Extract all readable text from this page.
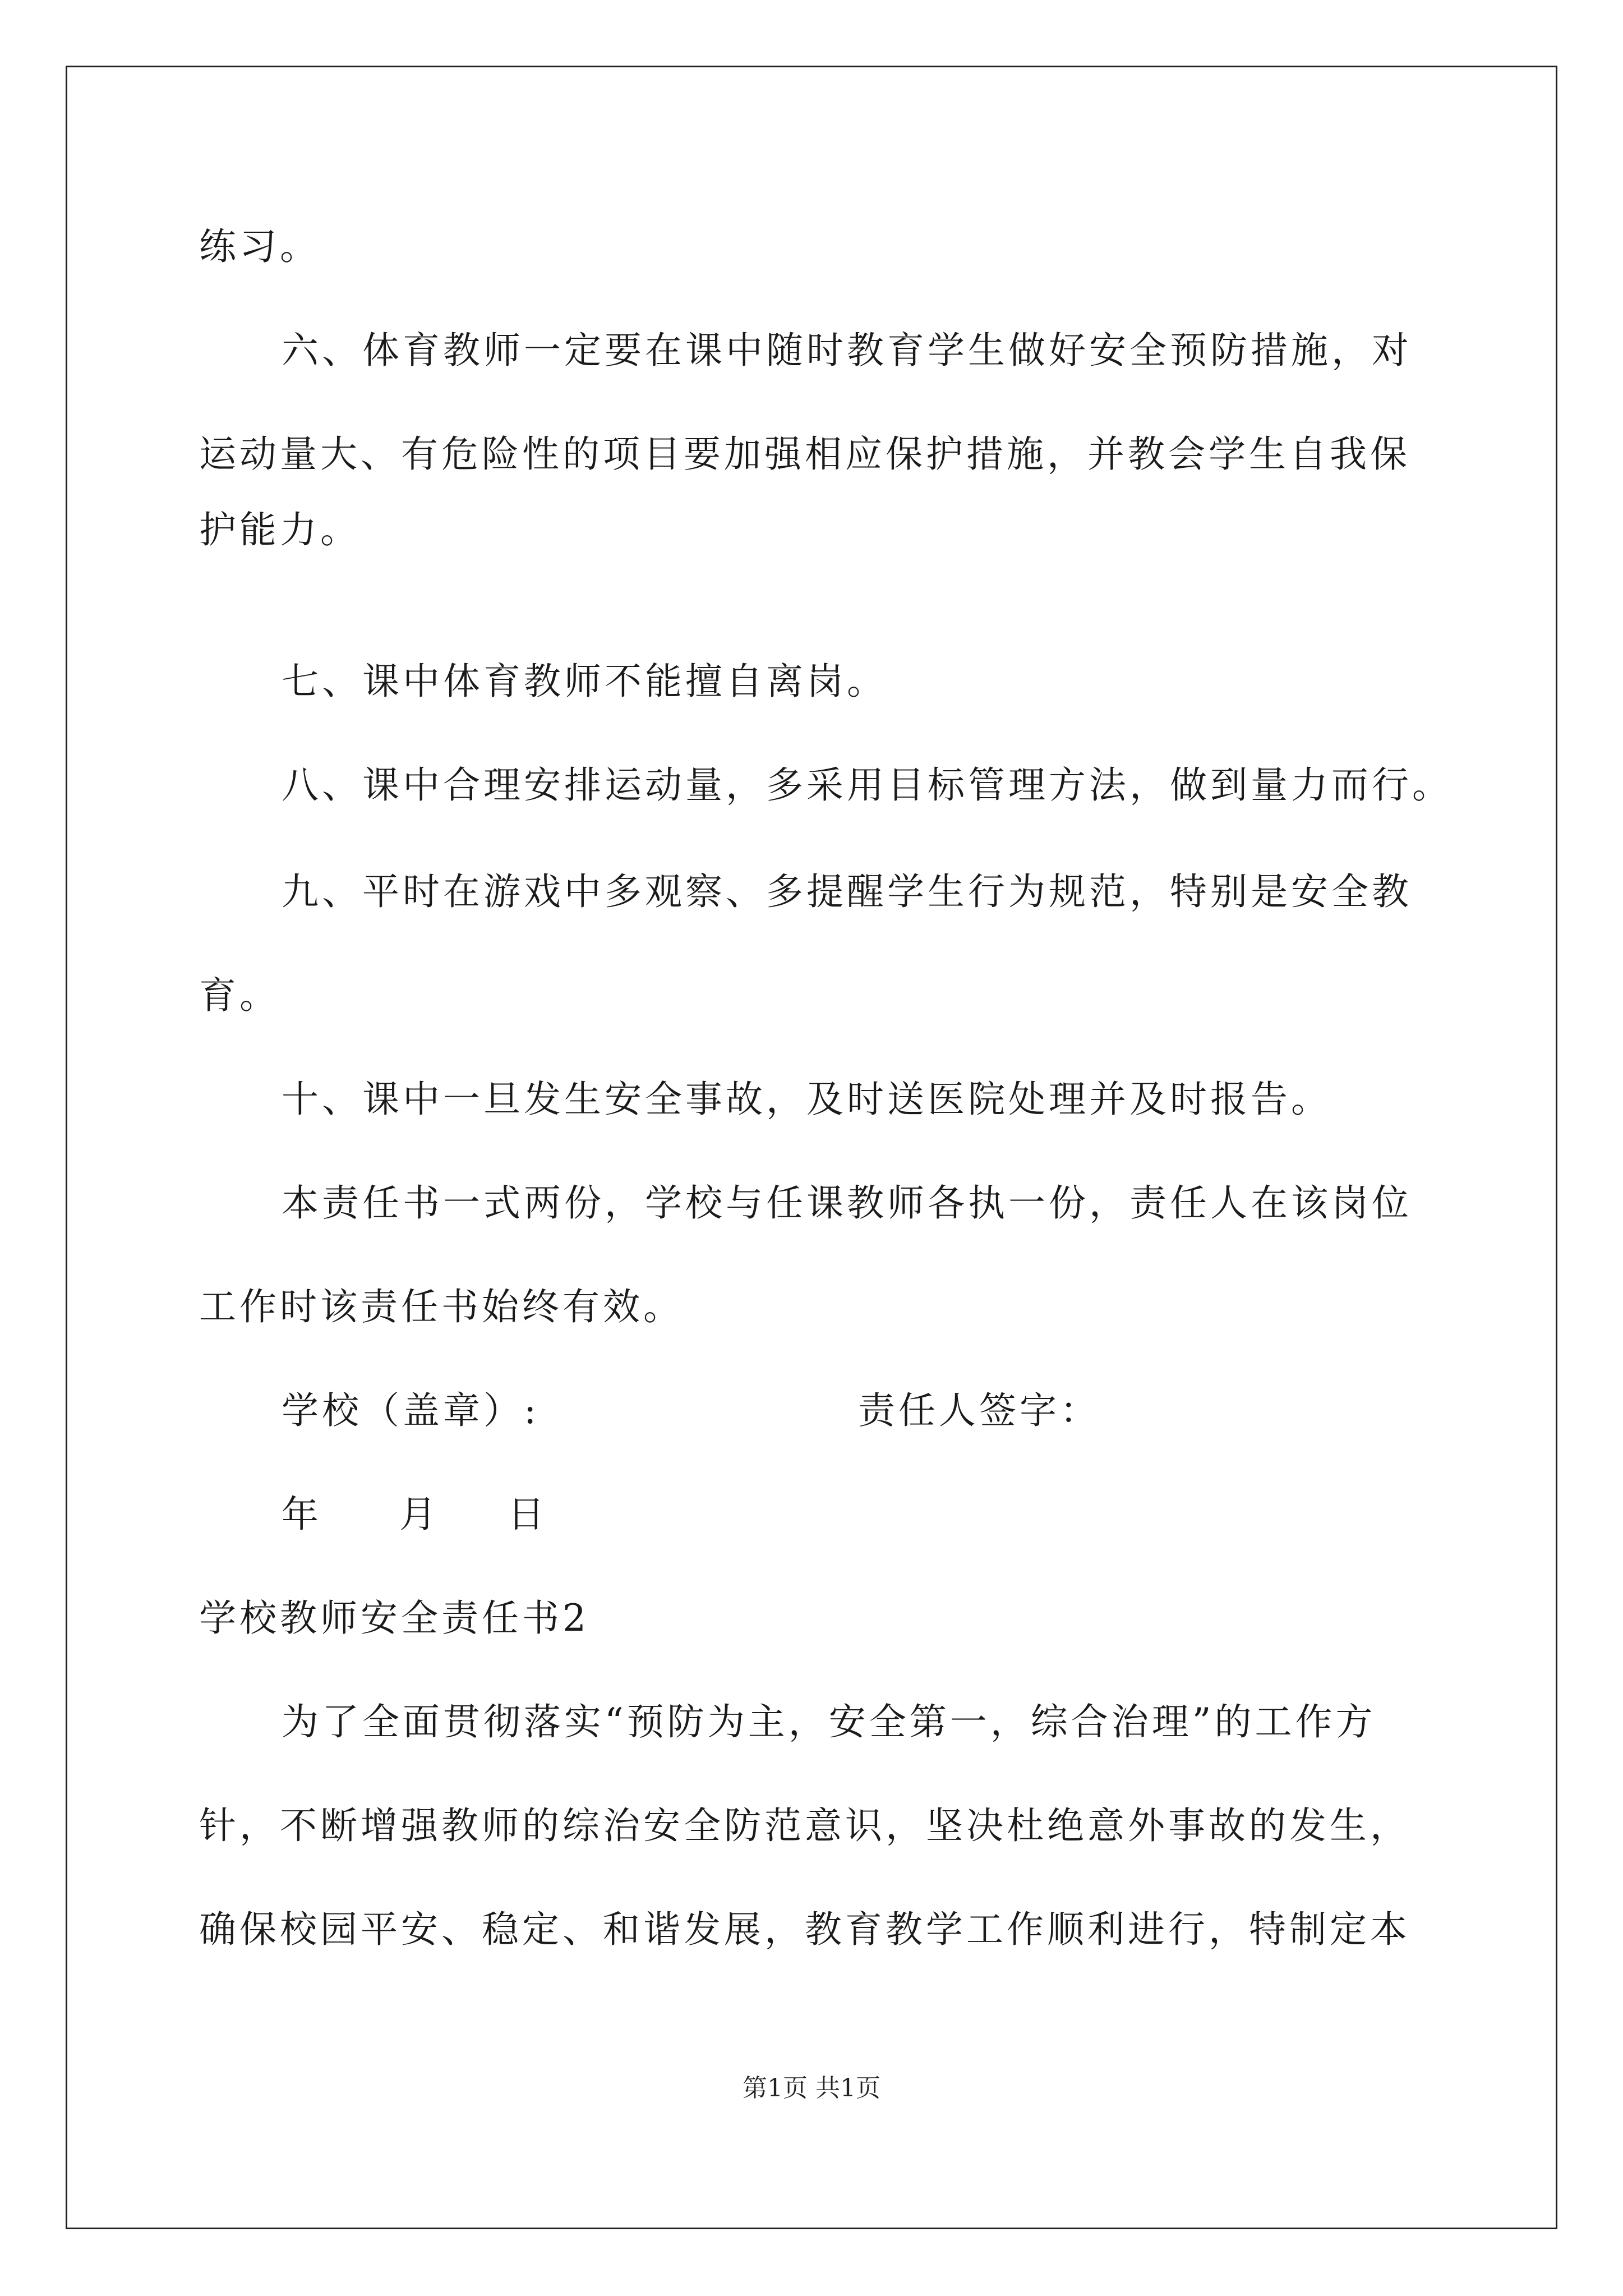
练习。
六、体育教师一定要在课中随时教育学生做好安全预防措施，对
运动量大、有危险性的项目要加强相应保护措施，并教会学生自我保
护能力。
七、课中体育教师不能擅自离岗。
八、课中合理安排运动量，多采用目标管理方法，做到量力而行。
九、平时在游戏中多观察、多提醒学生行为规范，特别是安全教
育。
十、课中一旦发生安全事故，及时送医院处理并及时报告。
本责任书一式两份，学校与任课教师各执一份，责任人在该岗位
工作时该责任书始终有效。
学校（盖章）:	责任人签字：
年 月 日
学校教师安全责任书2
为了全面贯彻落实“预防为主，安全第一，综合治理”的工作方
针，不断增强教师的综治安全防范意识，坚决杜绝意外事故的发生，
确保校园平安、稳定、和谐发展，教育教学工作顺利进行，特制定本
第1页 共1页
